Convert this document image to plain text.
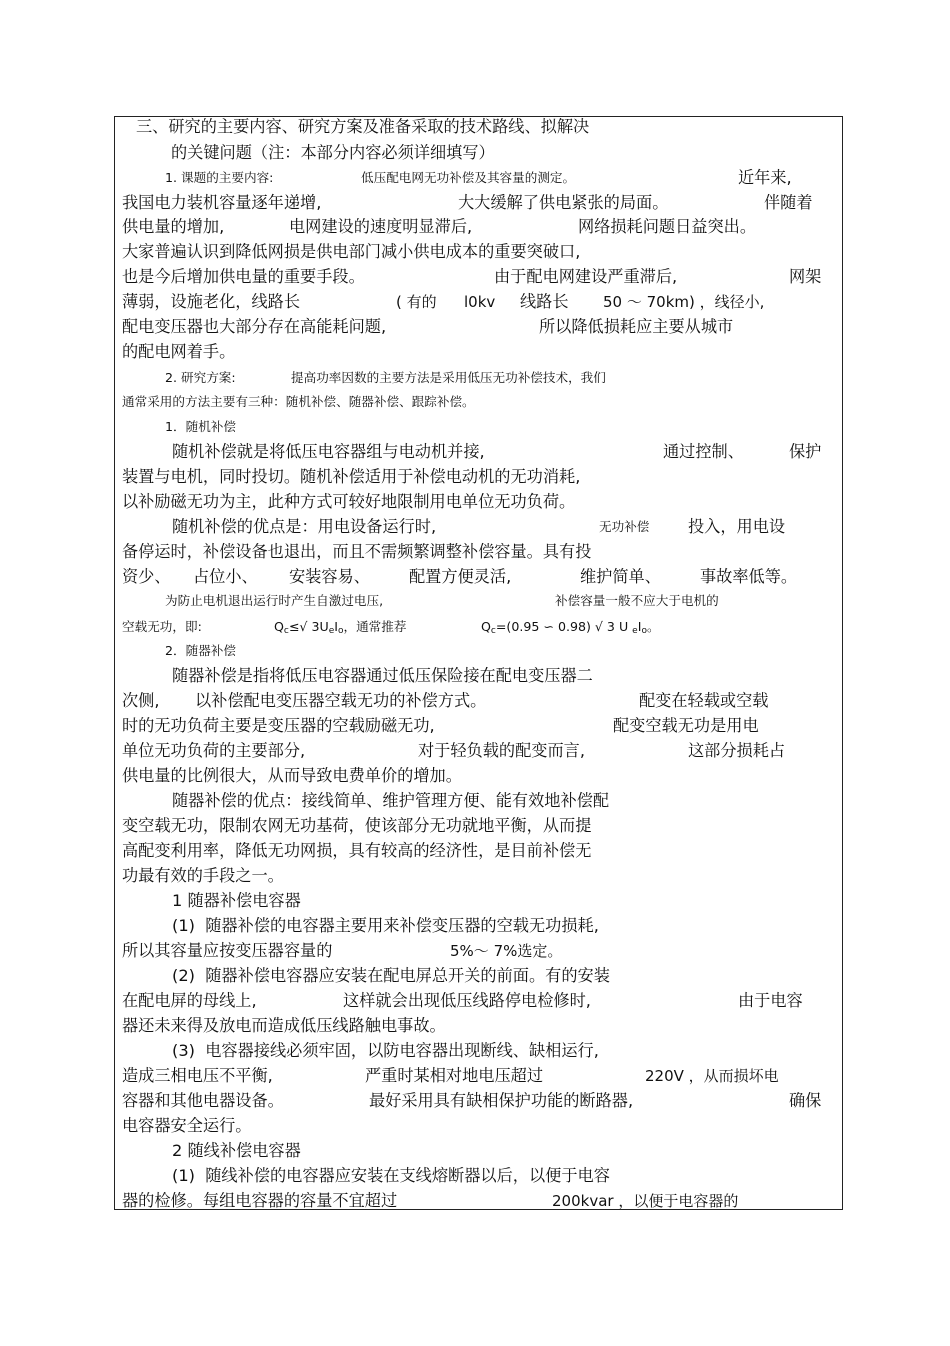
三、研究的主要内容、研究方案及准备采取的技术路线、拟解决
的关键问题（注：本部分内容必须详细填写）
1. 课题的主要内容:	低压配电网无功补偿及其容量的测定。	近年来,
我国电力装机容量逐年递增,	大大缓解了供电紧张的局面。	伴随着
供电量的增加,	电网建设的速度明显滞后,	网络损耗问题日益突出。
大家普遍认识到降低网损是供电部门减小供电成本的重要突破口,
也是今后增加供电量的重要手段。	由于配电网建设严重滞后,	网架
薄弱，设施老化，线路长	( 有的 l0kv 线路长 50 ～ 70km) ，线径小,
配电变压器也大部分存在高能耗问题,	所以降低损耗应主要从城市
的配电网着手。
2. 研究方案:	提高功率因数的主要方法是采用低压无功补偿技术，我们
通常采用的方法主要有三种：随机补偿、随器补偿、跟踪补偿。
1．随机补偿
随机补偿就是将低压电容器组与电动机并接,	通过控制、	保护
装置与电机，同时投切。随机补偿适用于补偿电动机的无功消耗,
以补励磁无功为主，此种方式可较好地限制用电单位无功负荷。
随机补偿的优点是：用电设备运行时,	无功补偿 投入，用电设
备停运时，补偿设备也退出，而且不需频繁调整补偿容量。具有投
资少、 占位小、 安装容易、 配置方便灵活,	维护简单、 事故率低等。
为防止电机退出运行时产生自激过电压,	补偿容量一般不应大于电机的
空载无功，即:	$Q_c\le√$ $3U_eI_o$，通常推荐	$Q_c=(0.95$ ∽ 0.98) √ 3 U $_eI_o$。
2．随器补偿
随器补偿是指将低压电容器通过低压保险接在配电变压器二
次侧, 以补偿配电变压器空载无功的补偿方式。	配变在轻载或空载
时的无功负荷主要是变压器的空载励磁无功,	配变空载无功是用电
单位无功负荷的主要部分,	对于轻负载的配变而言,	这部分损耗占
供电量的比例很大，从而导致电费单价的增加。
随器补偿的优点：接线简单、维护管理方便、能有效地补偿配
变空载无功，限制农网无功基荷，使该部分无功就地平衡，从而提
高配变利用率，降低无功网损，具有较高的经济性，是目前补偿无
功最有效的手段之一。
1 随器补偿电容器
(1)  随器补偿的电容器主要用来补偿变压器的空载无功损耗,
所以其容量应按变压器容量的	5%～ 7%选定。
(2)  随器补偿电容器应安装在配电屏总开关的前面。有的安装
在配电屏的母线上,	这样就会出现低压线路停电检修时,	由于电容
器还未来得及放电而造成低压线路触电事故。
(3)  电容器接线必须牢固，以防电容器出现断线、缺相运行,
造成三相电压不平衡,	严重时某相对地电压超过	220V ，从而损坏电
容器和其他电器设备。	最好采用具有缺相保护功能的断路器,	确保
电容器安全运行。
2 随线补偿电容器
(1)  随线补偿的电容器应安装在支线熔断器以后，以便于电容
器的检修。每组电容器的容量不宜超过	200kvar ，以便于电容器的
